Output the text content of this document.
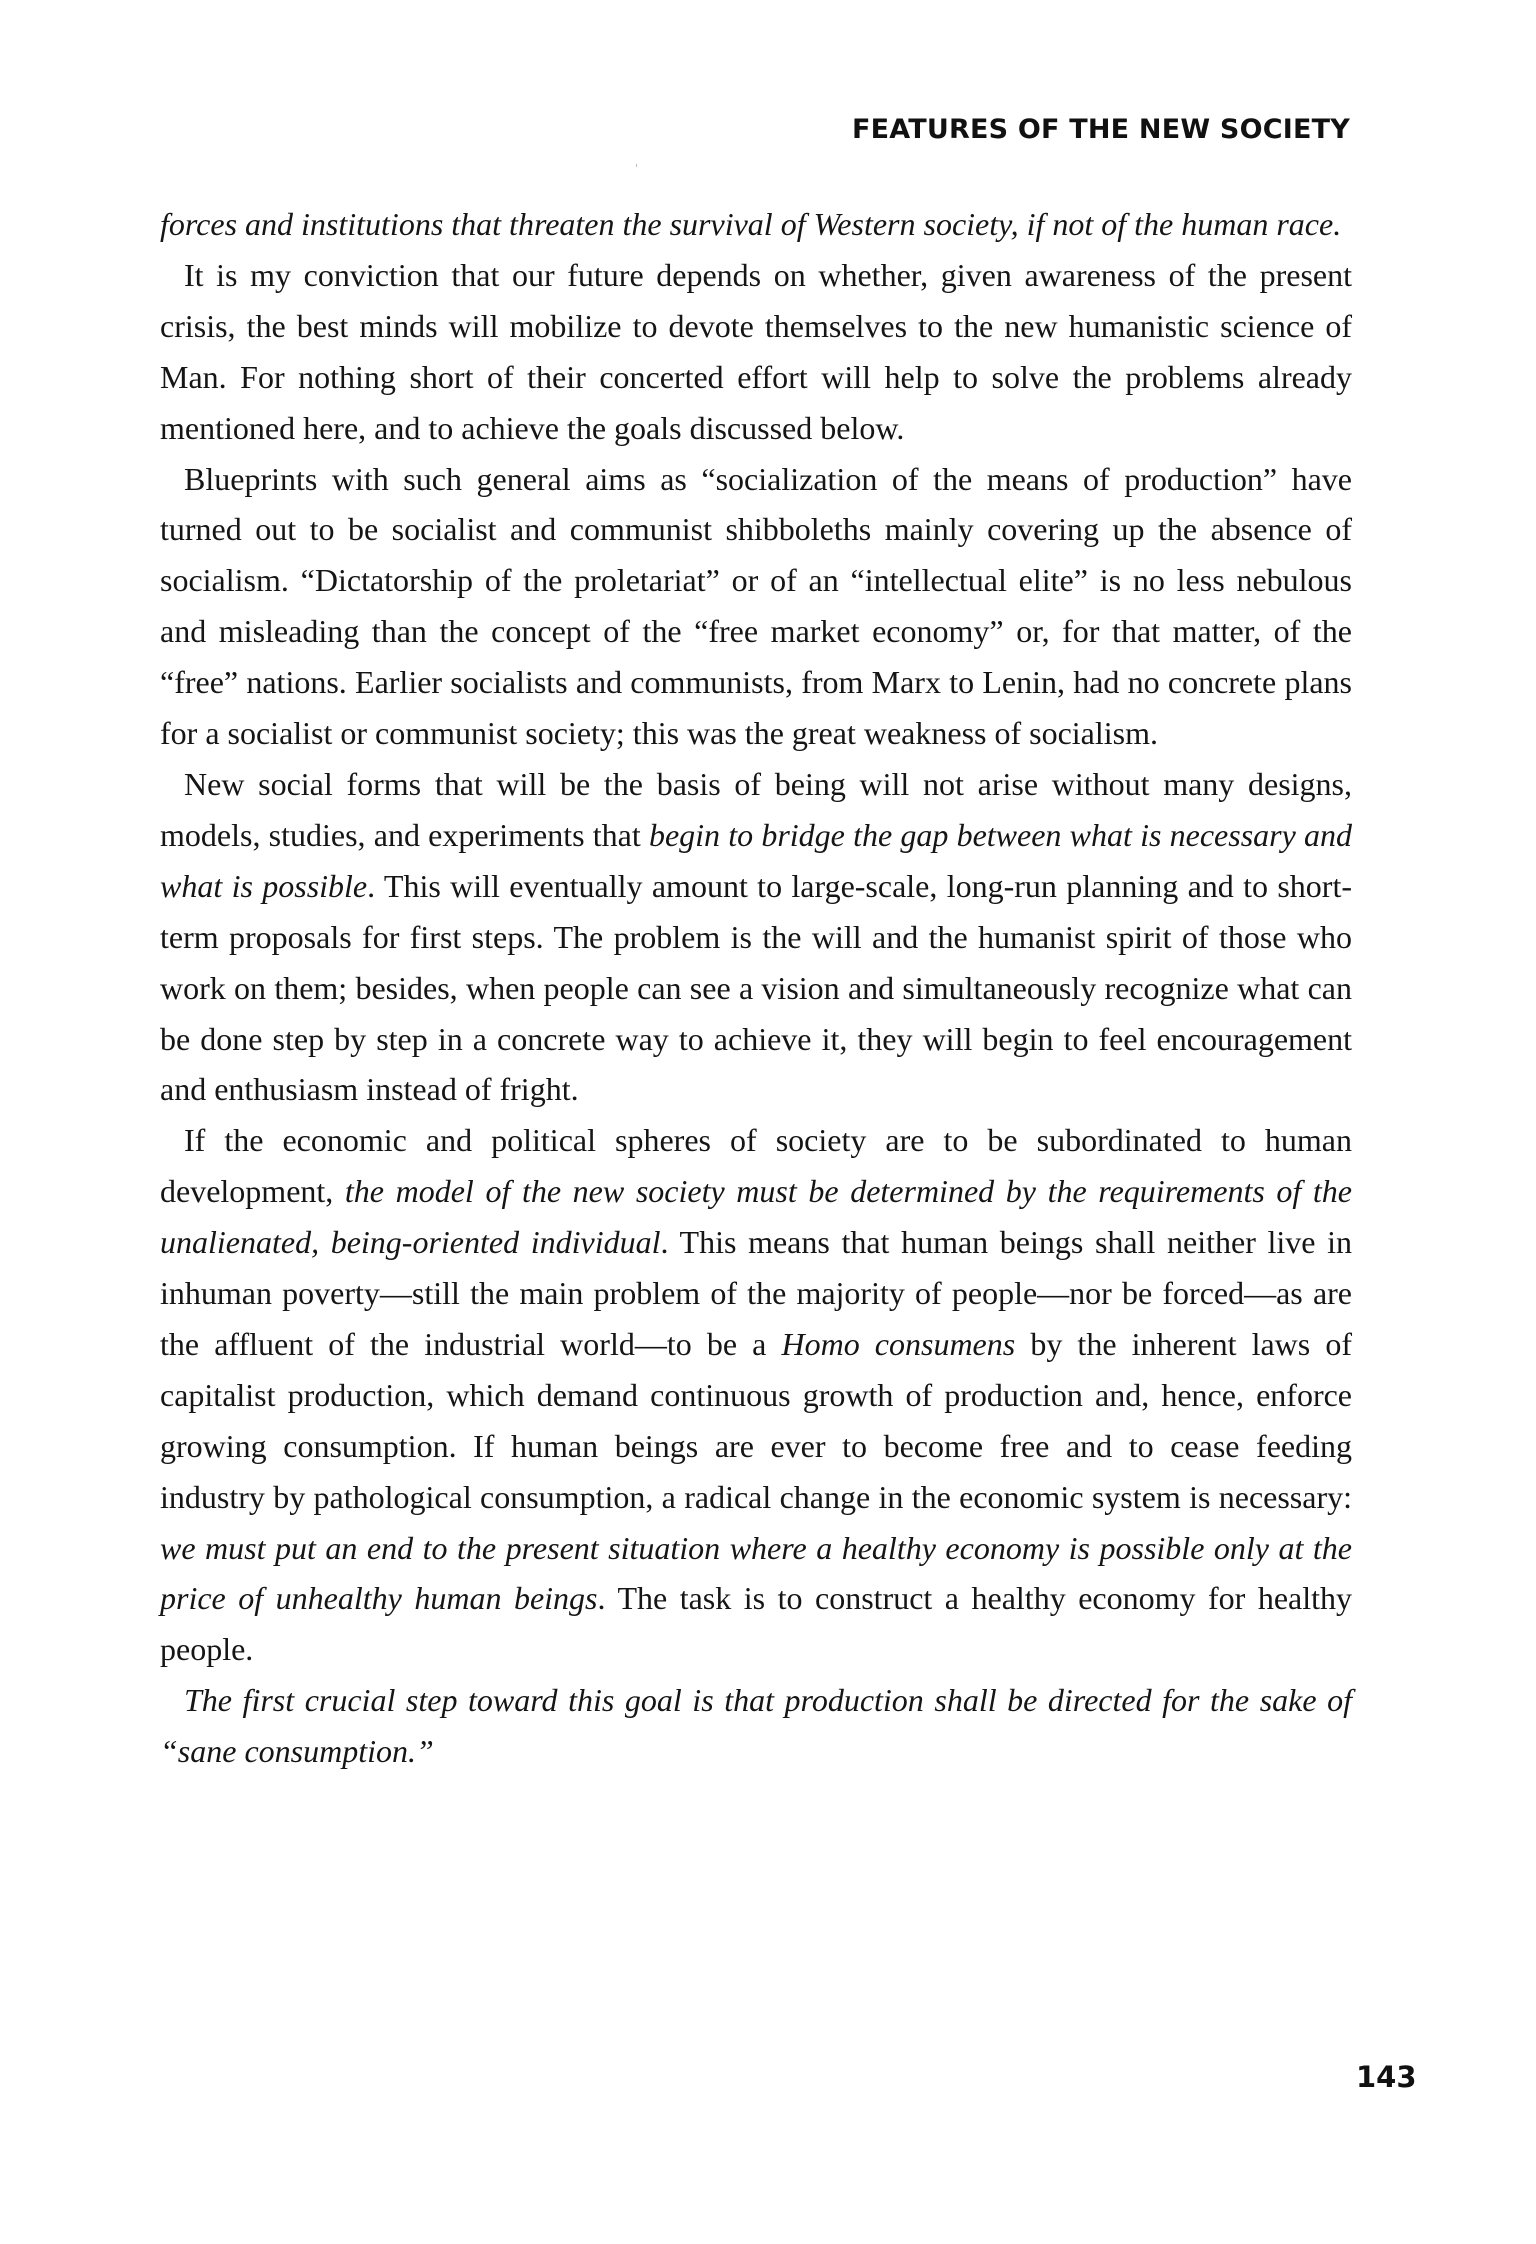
FEATURES OF THE NEW SOCIETY

forces and institutions that threaten the survival of Western society, if not of the human race.

It is my conviction that our future depends on whether, given awareness of the present crisis, the best minds will mobilize to devote themselves to the new humanistic science of Man. For nothing short of their concerted effort will help to solve the problems already mentioned here, and to achieve the goals discussed below.

Blueprints with such general aims as “socialization of the means of production” have turned out to be socialist and communist shibboleths mainly covering up the absence of socialism. “Dictatorship of the proletariat” or of an “intellectual elite” is no less nebulous and misleading than the concept of the “free market economy” or, for that matter, of the “free” nations. Earlier socialists and communists, from Marx to Lenin, had no concrete plans for a socialist or communist society; this was the great weakness of socialism.

New social forms that will be the basis of being will not arise without many designs, models, studies, and experiments that begin to bridge the gap between what is necessary and what is possible. This will eventually amount to large-scale, long-run planning and to short-term proposals for first steps. The problem is the will and the humanist spirit of those who work on them; besides, when people can see a vision and simultaneously recognize what can be done step by step in a concrete way to achieve it, they will begin to feel encouragement and enthusiasm instead of fright.

If the economic and political spheres of society are to be subordinated to human development, the model of the new society must be determined by the requirements of the unalienated, being-oriented individual. This means that human beings shall neither live in inhuman poverty—still the main problem of the majority of people—nor be forced—as are the affluent of the industrial world—to be a Homo consumens by the inherent laws of capitalist production, which demand continuous growth of production and, hence, enforce growing consumption. If human beings are ever to become free and to cease feeding industry by pathological consumption, a radical change in the economic system is necessary: we must put an end to the present situation where a healthy economy is possible only at the price of unhealthy human beings. The task is to construct a healthy economy for healthy people.

The first crucial step toward this goal is that production shall be directed for the sake of “sane consumption.”

143
